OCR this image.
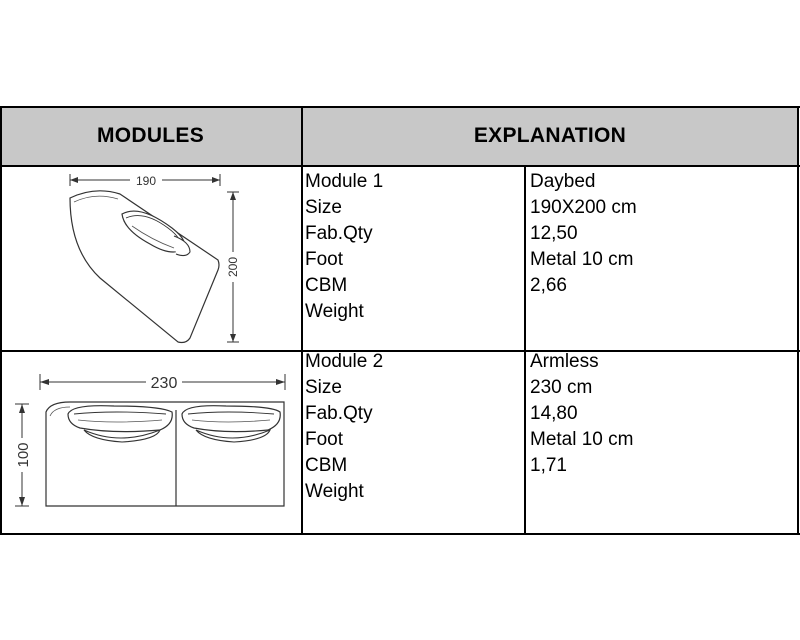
MODULES	EXPLANATION
190
200
230
100
Module 1
Size
Fab.Qty
Foot
CBM
Weight
Daybed
190X200 cm
12,50
Metal 10 cm
2,66
Module 2
Size
Fab.Qty
Foot
CBM
Weight
Armless
230 cm
14,80
Metal 10 cm
1,71
